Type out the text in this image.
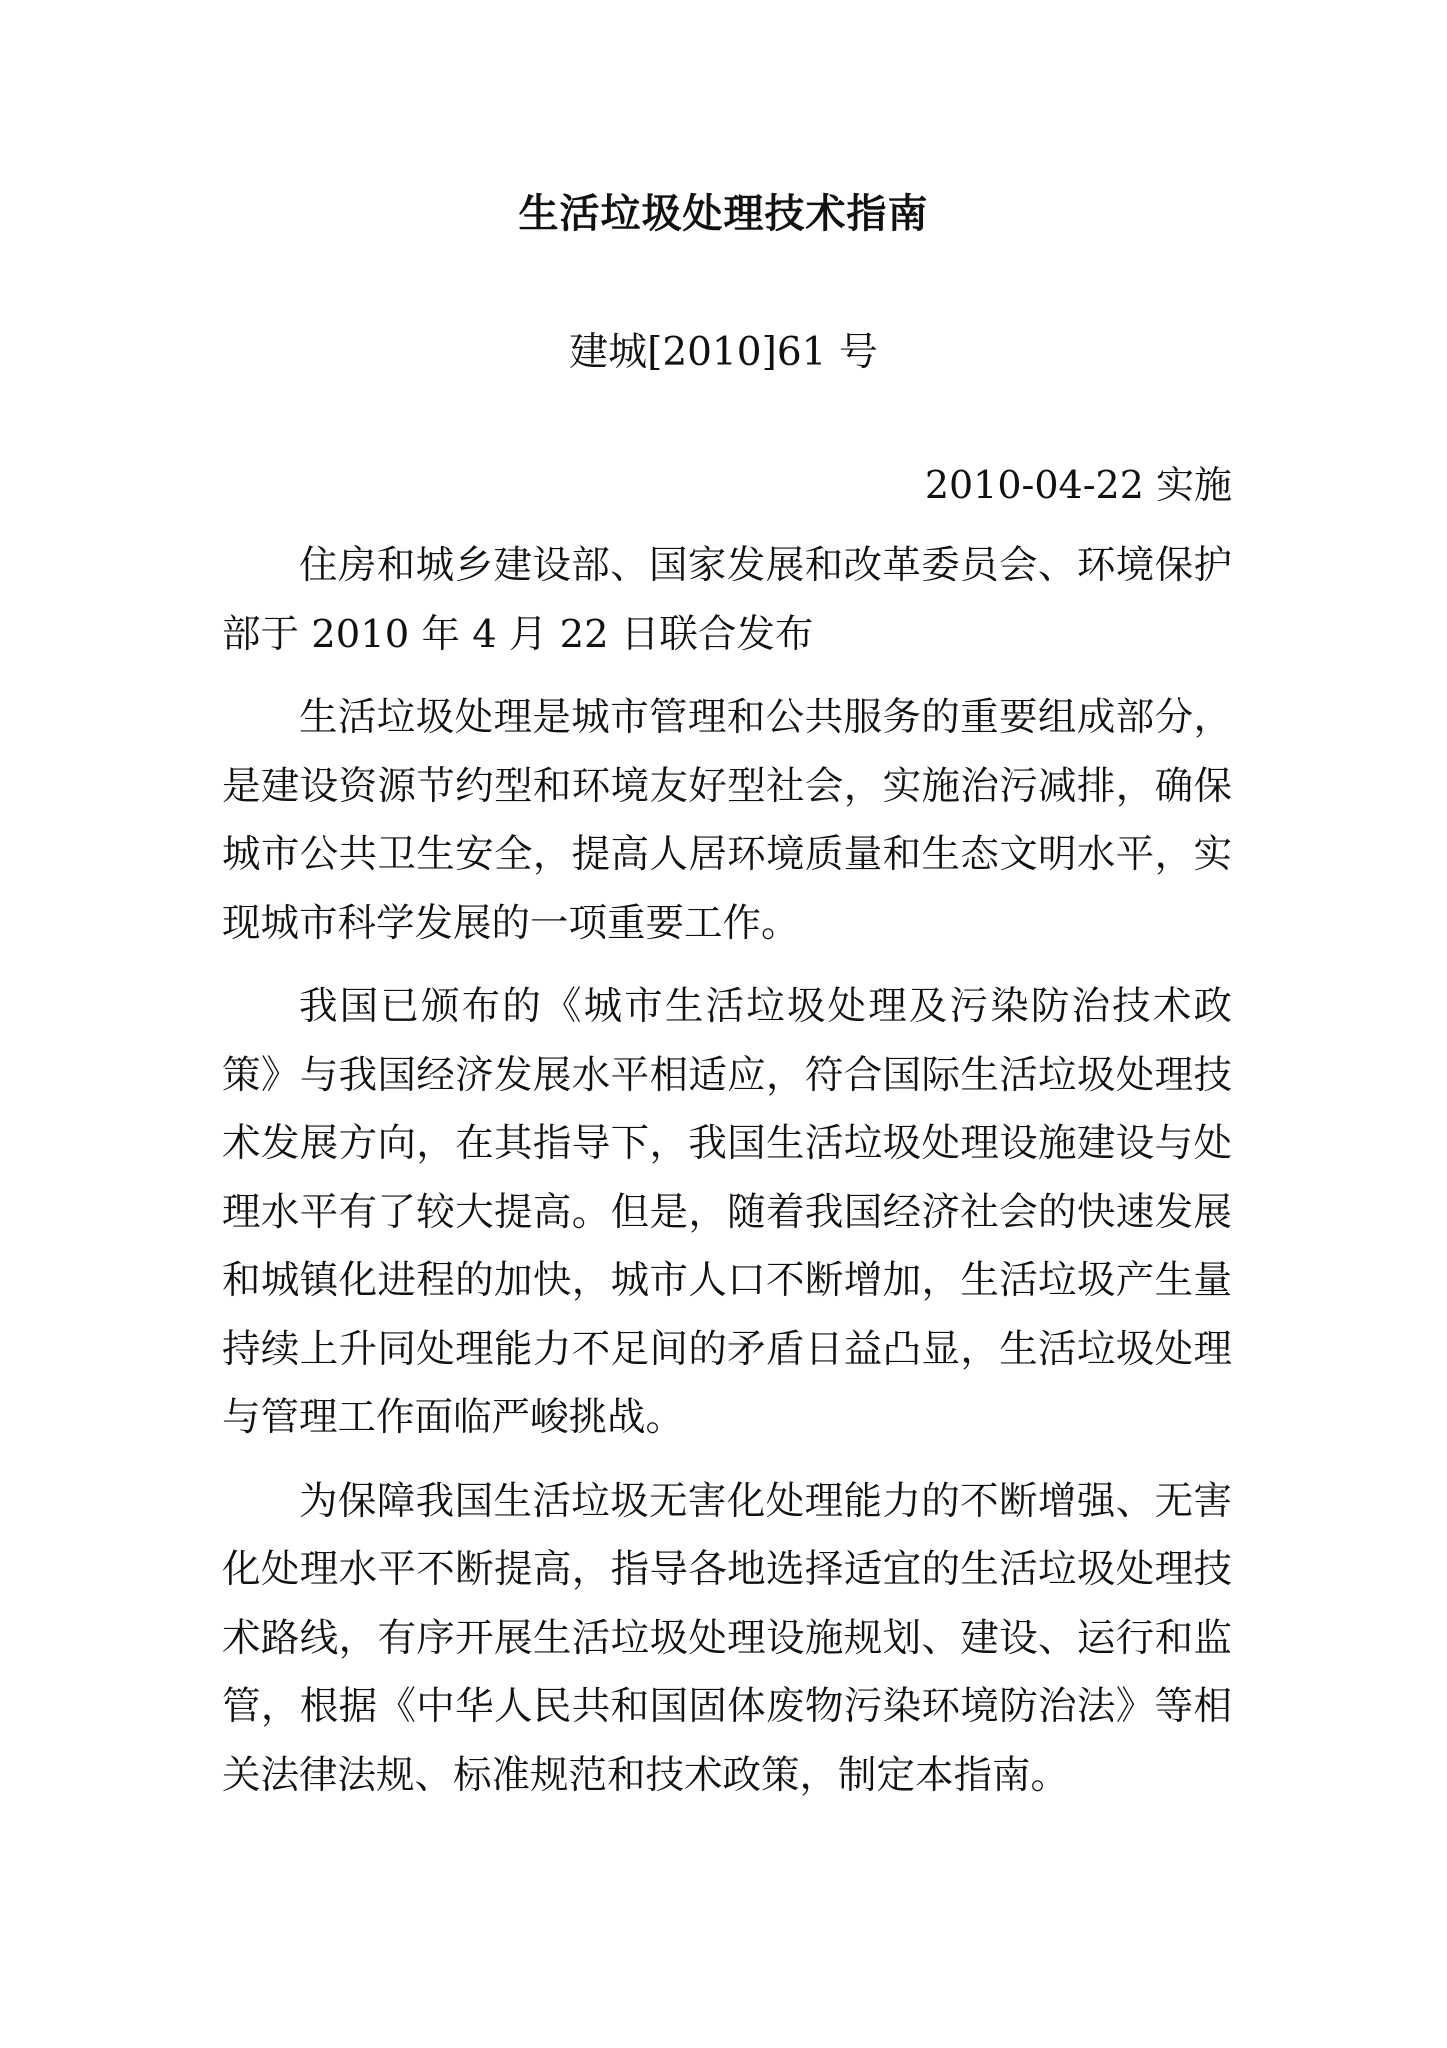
生活垃圾处理技术指南
建城[2010]61 号
2010-04-22 实施

住房和城乡建设部、国家发展和改革委员会、环境保护部于 2010 年 4 月 22 日联合发布

生活垃圾处理是城市管理和公共服务的重要组成部分，是建设资源节约型和环境友好型社会，实施治污减排，确保城市公共卫生安全，提高人居环境质量和生态文明水平，实现城市科学发展的一项重要工作。

我国已颁布的《城市生活垃圾处理及污染防治技术政策》与我国经济发展水平相适应，符合国际生活垃圾处理技术发展方向，在其指导下，我国生活垃圾处理设施建设与处理水平有了较大提高。但是，随着我国经济社会的快速发展和城镇化进程的加快，城市人口不断增加，生活垃圾产生量持续上升同处理能力不足间的矛盾日益凸显，生活垃圾处理与管理工作面临严峻挑战。

为保障我国生活垃圾无害化处理能力的不断增强、无害化处理水平不断提高，指导各地选择适宜的生活垃圾处理技术路线，有序开展生活垃圾处理设施规划、建设、运行和监管，根据《中华人民共和国固体废物污染环境防治法》等相关法律法规、标准规范和技术政策，制定本指南。
